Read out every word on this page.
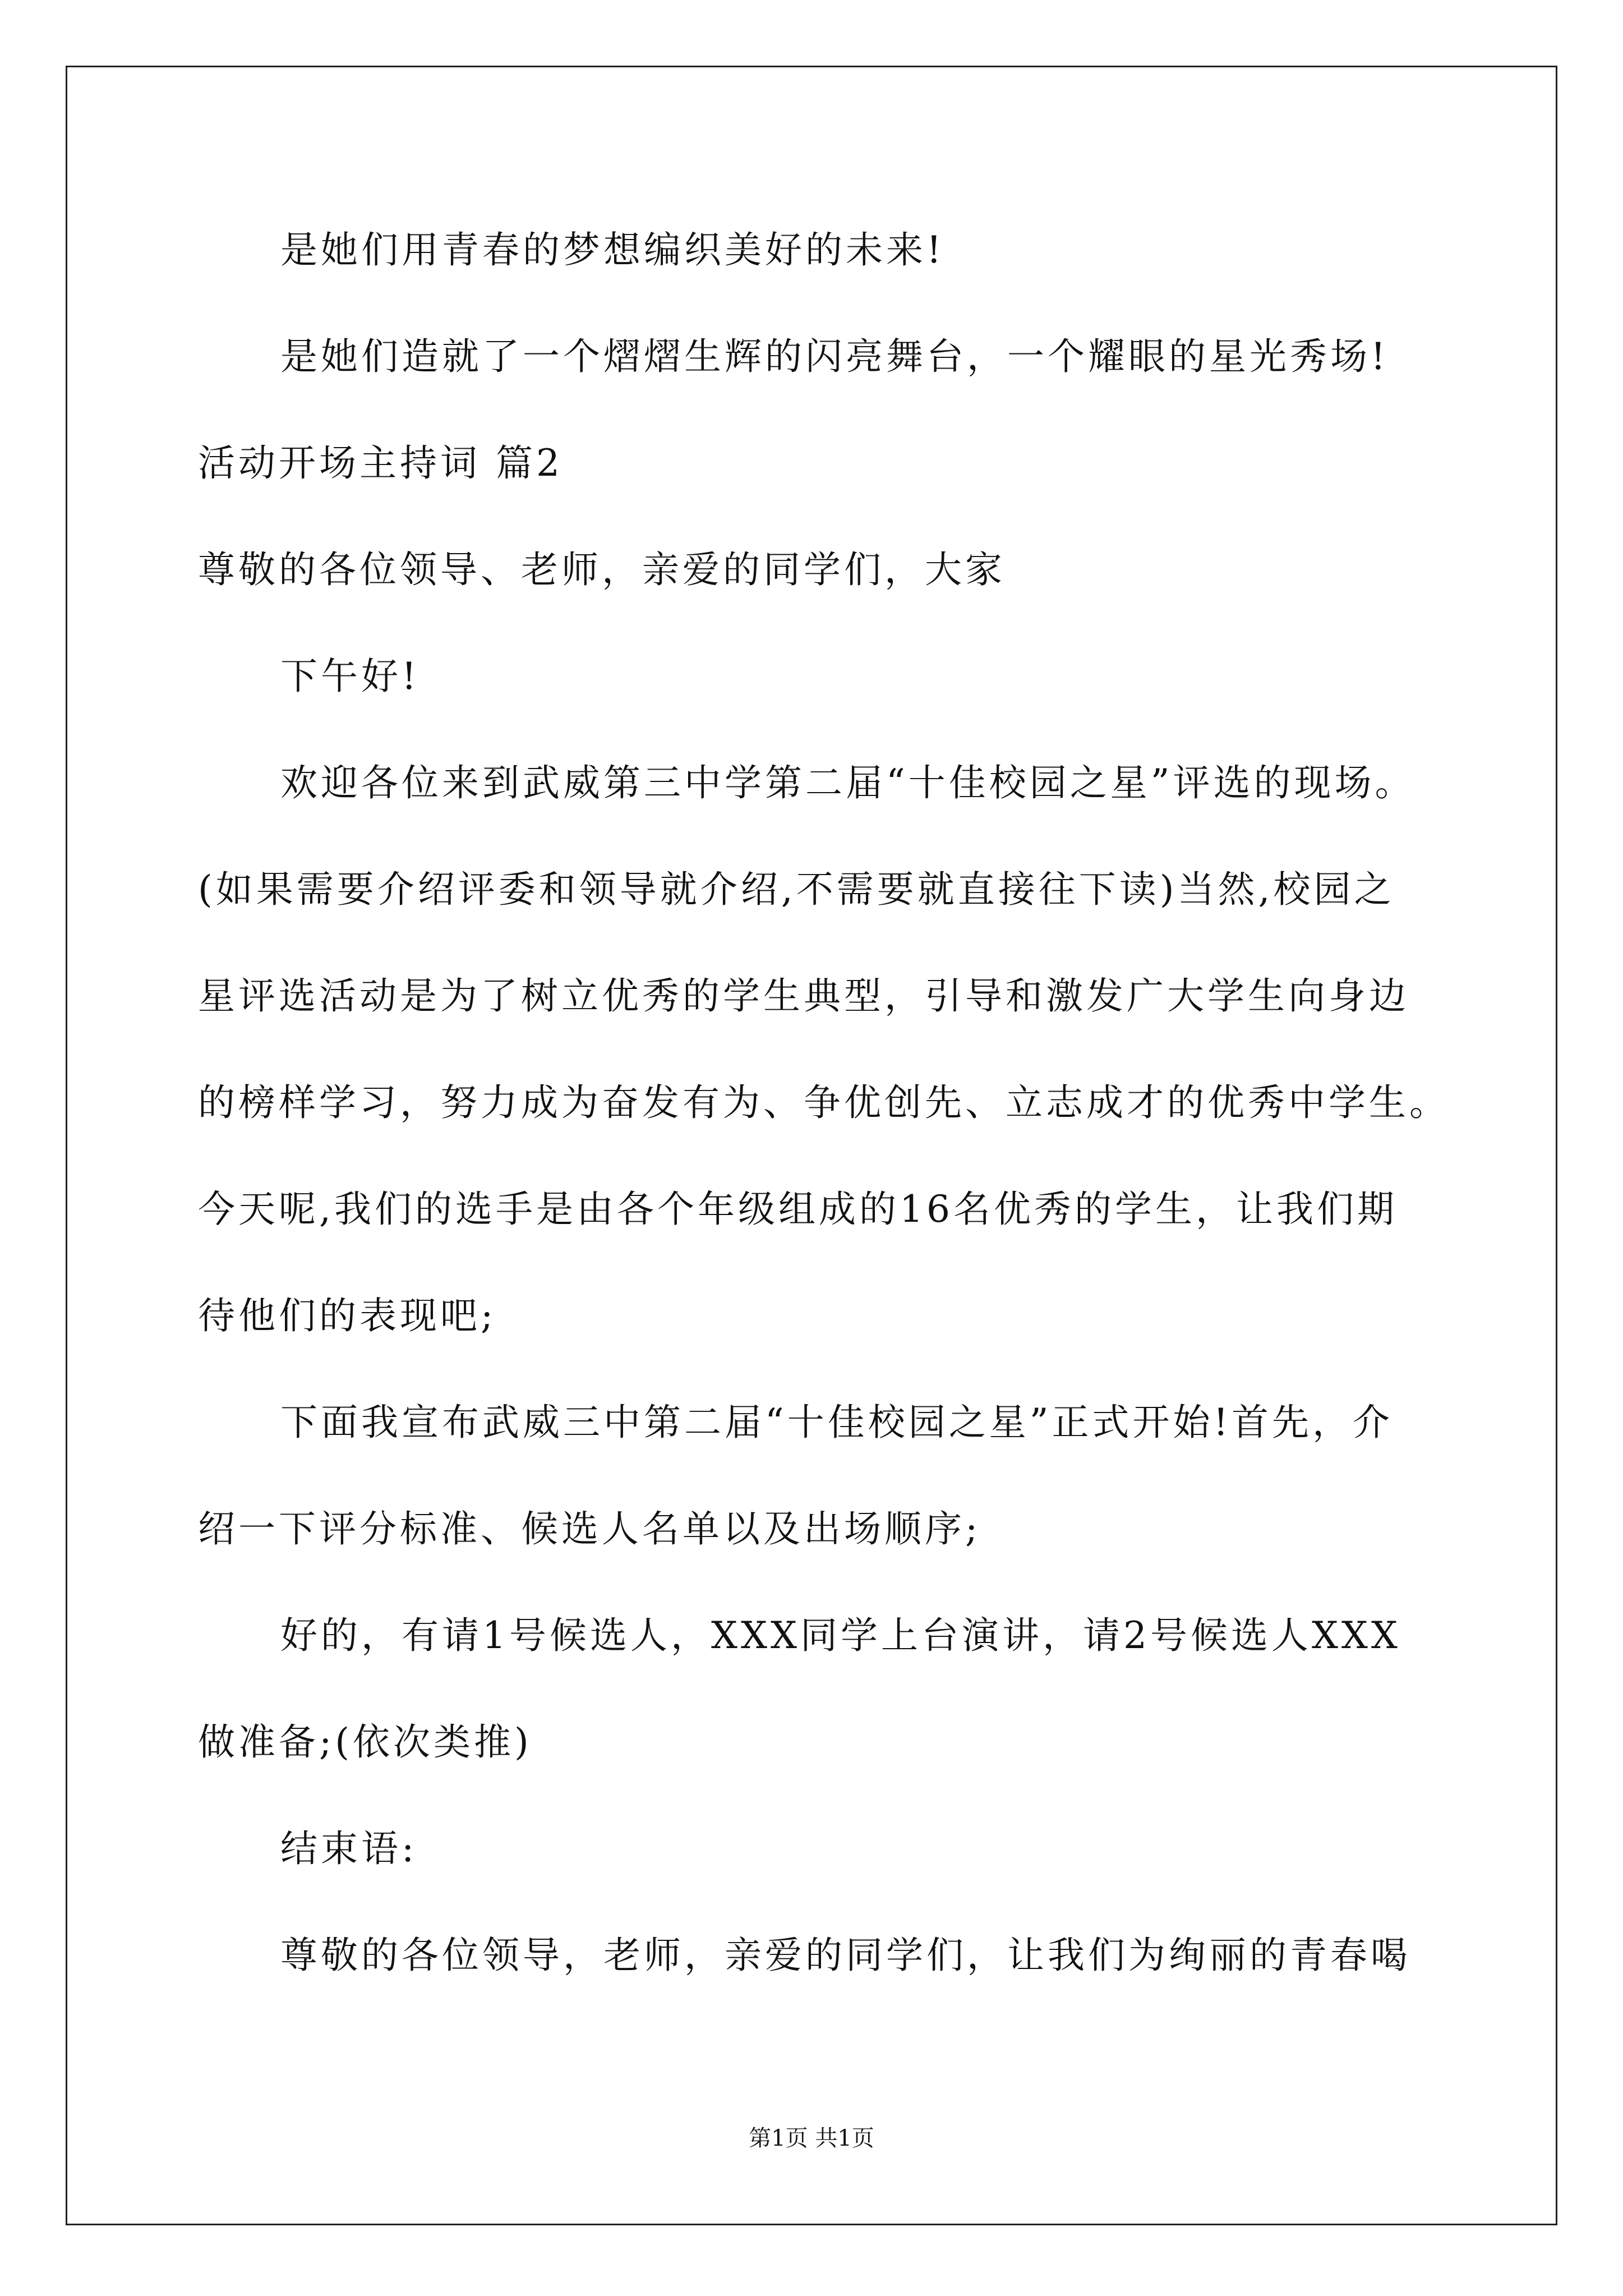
是她们用青春的梦想编织美好的未来!
是她们造就了一个熠熠生辉的闪亮舞台，一个耀眼的星光秀场!
活动开场主持词 篇2
尊敬的各位领导、老师，亲爱的同学们，大家
下午好!
欢迎各位来到武威第三中学第二届“十佳校园之星”评选的现场。
(如果需要介绍评委和领导就介绍,不需要就直接往下读)当然,校园之
星评选活动是为了树立优秀的学生典型，引导和激发广大学生向身边
的榜样学习，努力成为奋发有为、争优创先、立志成才的优秀中学生。
今天呢,我们的选手是由各个年级组成的16名优秀的学生，让我们期
待他们的表现吧;
下面我宣布武威三中第二届“十佳校园之星”正式开始!首先，介
绍一下评分标准、候选人名单以及出场顺序;
好的，有请1号候选人，XXX同学上台演讲，请2号候选人XXX
做准备;(依次类推)
结束语:
尊敬的各位领导，老师，亲爱的同学们，让我们为绚丽的青春喝
第1页 共1页
